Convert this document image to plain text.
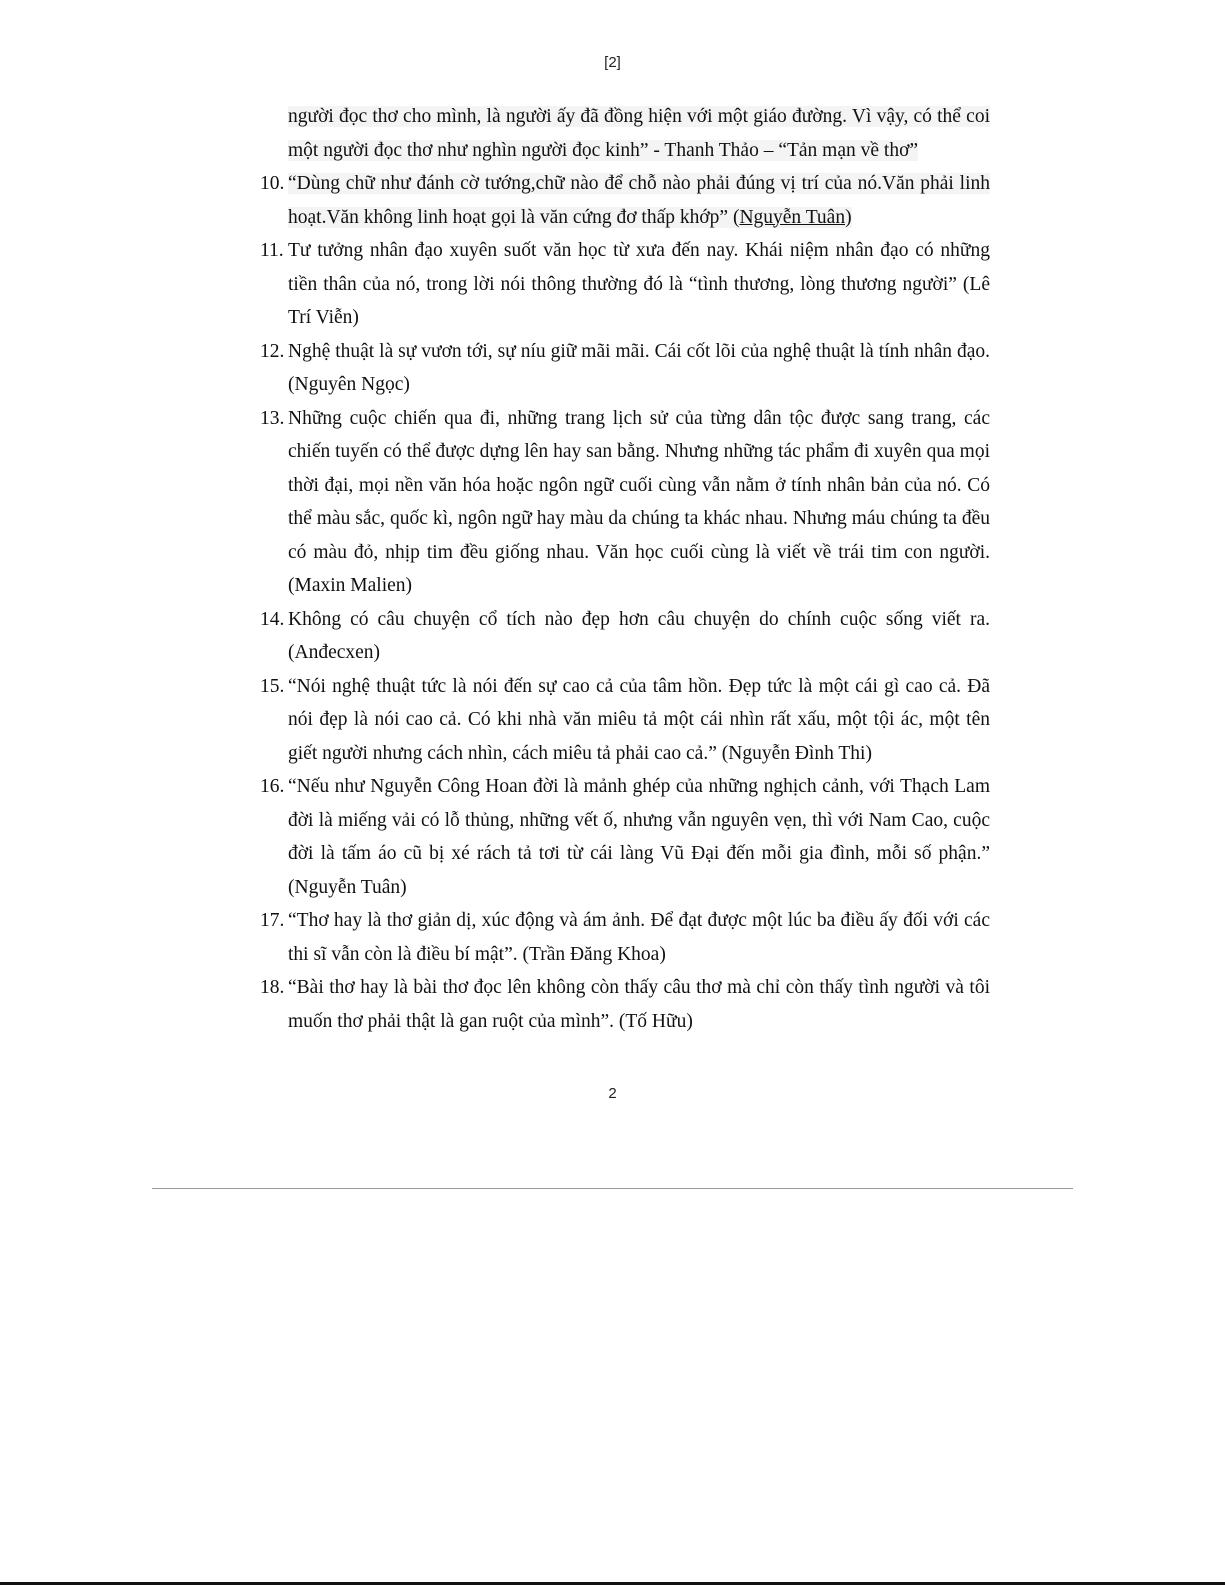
[2]
người đọc thơ cho mình, là người ấy đã đồng hiện với một giáo đường. Vì vậy, có thể coi một người đọc thơ như nghìn người đọc kinh” - Thanh Thảo – “Tản mạn về thơ”
10. “Dùng chữ như đánh cờ tướng,chữ nào để chỗ nào phải đúng vị trí của nó.Văn phải linh hoạt.Văn không linh hoạt gọi là văn cứng đơ thấp khớp” (Nguyễn Tuân)
11. Tư tưởng nhân đạo xuyên suốt văn học từ xưa đến nay. Khái niệm nhân đạo có những tiền thân của nó, trong lời nói thông thường đó là “tình thương, lòng thương người” (Lê Trí Viễn)
12. Nghệ thuật là sự vươn tới, sự níu giữ mãi mãi. Cái cốt lõi của nghệ thuật là tính nhân đạo. (Nguyên Ngọc)
13. Những cuộc chiến qua đi, những trang lịch sử của từng dân tộc được sang trang, các chiến tuyến có thể được dựng lên hay san bằng. Nhưng những tác phẩm đi xuyên qua mọi thời đại, mọi nền văn hóa hoặc ngôn ngữ cuối cùng vẫn nằm ở tính nhân bản của nó. Có thể màu sắc, quốc kì, ngôn ngữ hay màu da chúng ta khác nhau. Nhưng máu chúng ta đều có màu đỏ, nhịp tim đều giống nhau. Văn học cuối cùng là viết về trái tim con người. (Maxin Malien)
14. Không có câu chuyện cổ tích nào đẹp hơn câu chuyện do chính cuộc sống viết ra. (Anđecxen)
15. “Nói nghệ thuật tức là nói đến sự cao cả của tâm hồn. Đẹp tức là một cái gì cao cả. Đã nói đẹp là nói cao cả. Có khi nhà văn miêu tả một cái nhìn rất xấu, một tội ác, một tên giết người nhưng cách nhìn, cách miêu tả phải cao cả.” (Nguyễn Đình Thi)
16. “Nếu như Nguyễn Công Hoan đời là mảnh ghép của những nghịch cảnh, với Thạch Lam đời là miếng vải có lỗ thủng, những vết ố, nhưng vẫn nguyên vẹn, thì với Nam Cao, cuộc đời là tấm áo cũ bị xé rách tả tơi từ cái làng Vũ Đại đến mỗi gia đình, mỗi số phận.” (Nguyễn Tuân)
17. “Thơ hay là thơ giản dị, xúc động và ám ảnh. Để đạt được một lúc ba điều ấy đối với các thi sĩ vẫn còn là điều bí mật”. (Trần Đăng Khoa)
18. “Bài thơ hay là bài thơ đọc lên không còn thấy câu thơ mà chỉ còn thấy tình người và tôi muốn thơ phải thật là gan ruột của mình”. (Tố Hữu)
2
